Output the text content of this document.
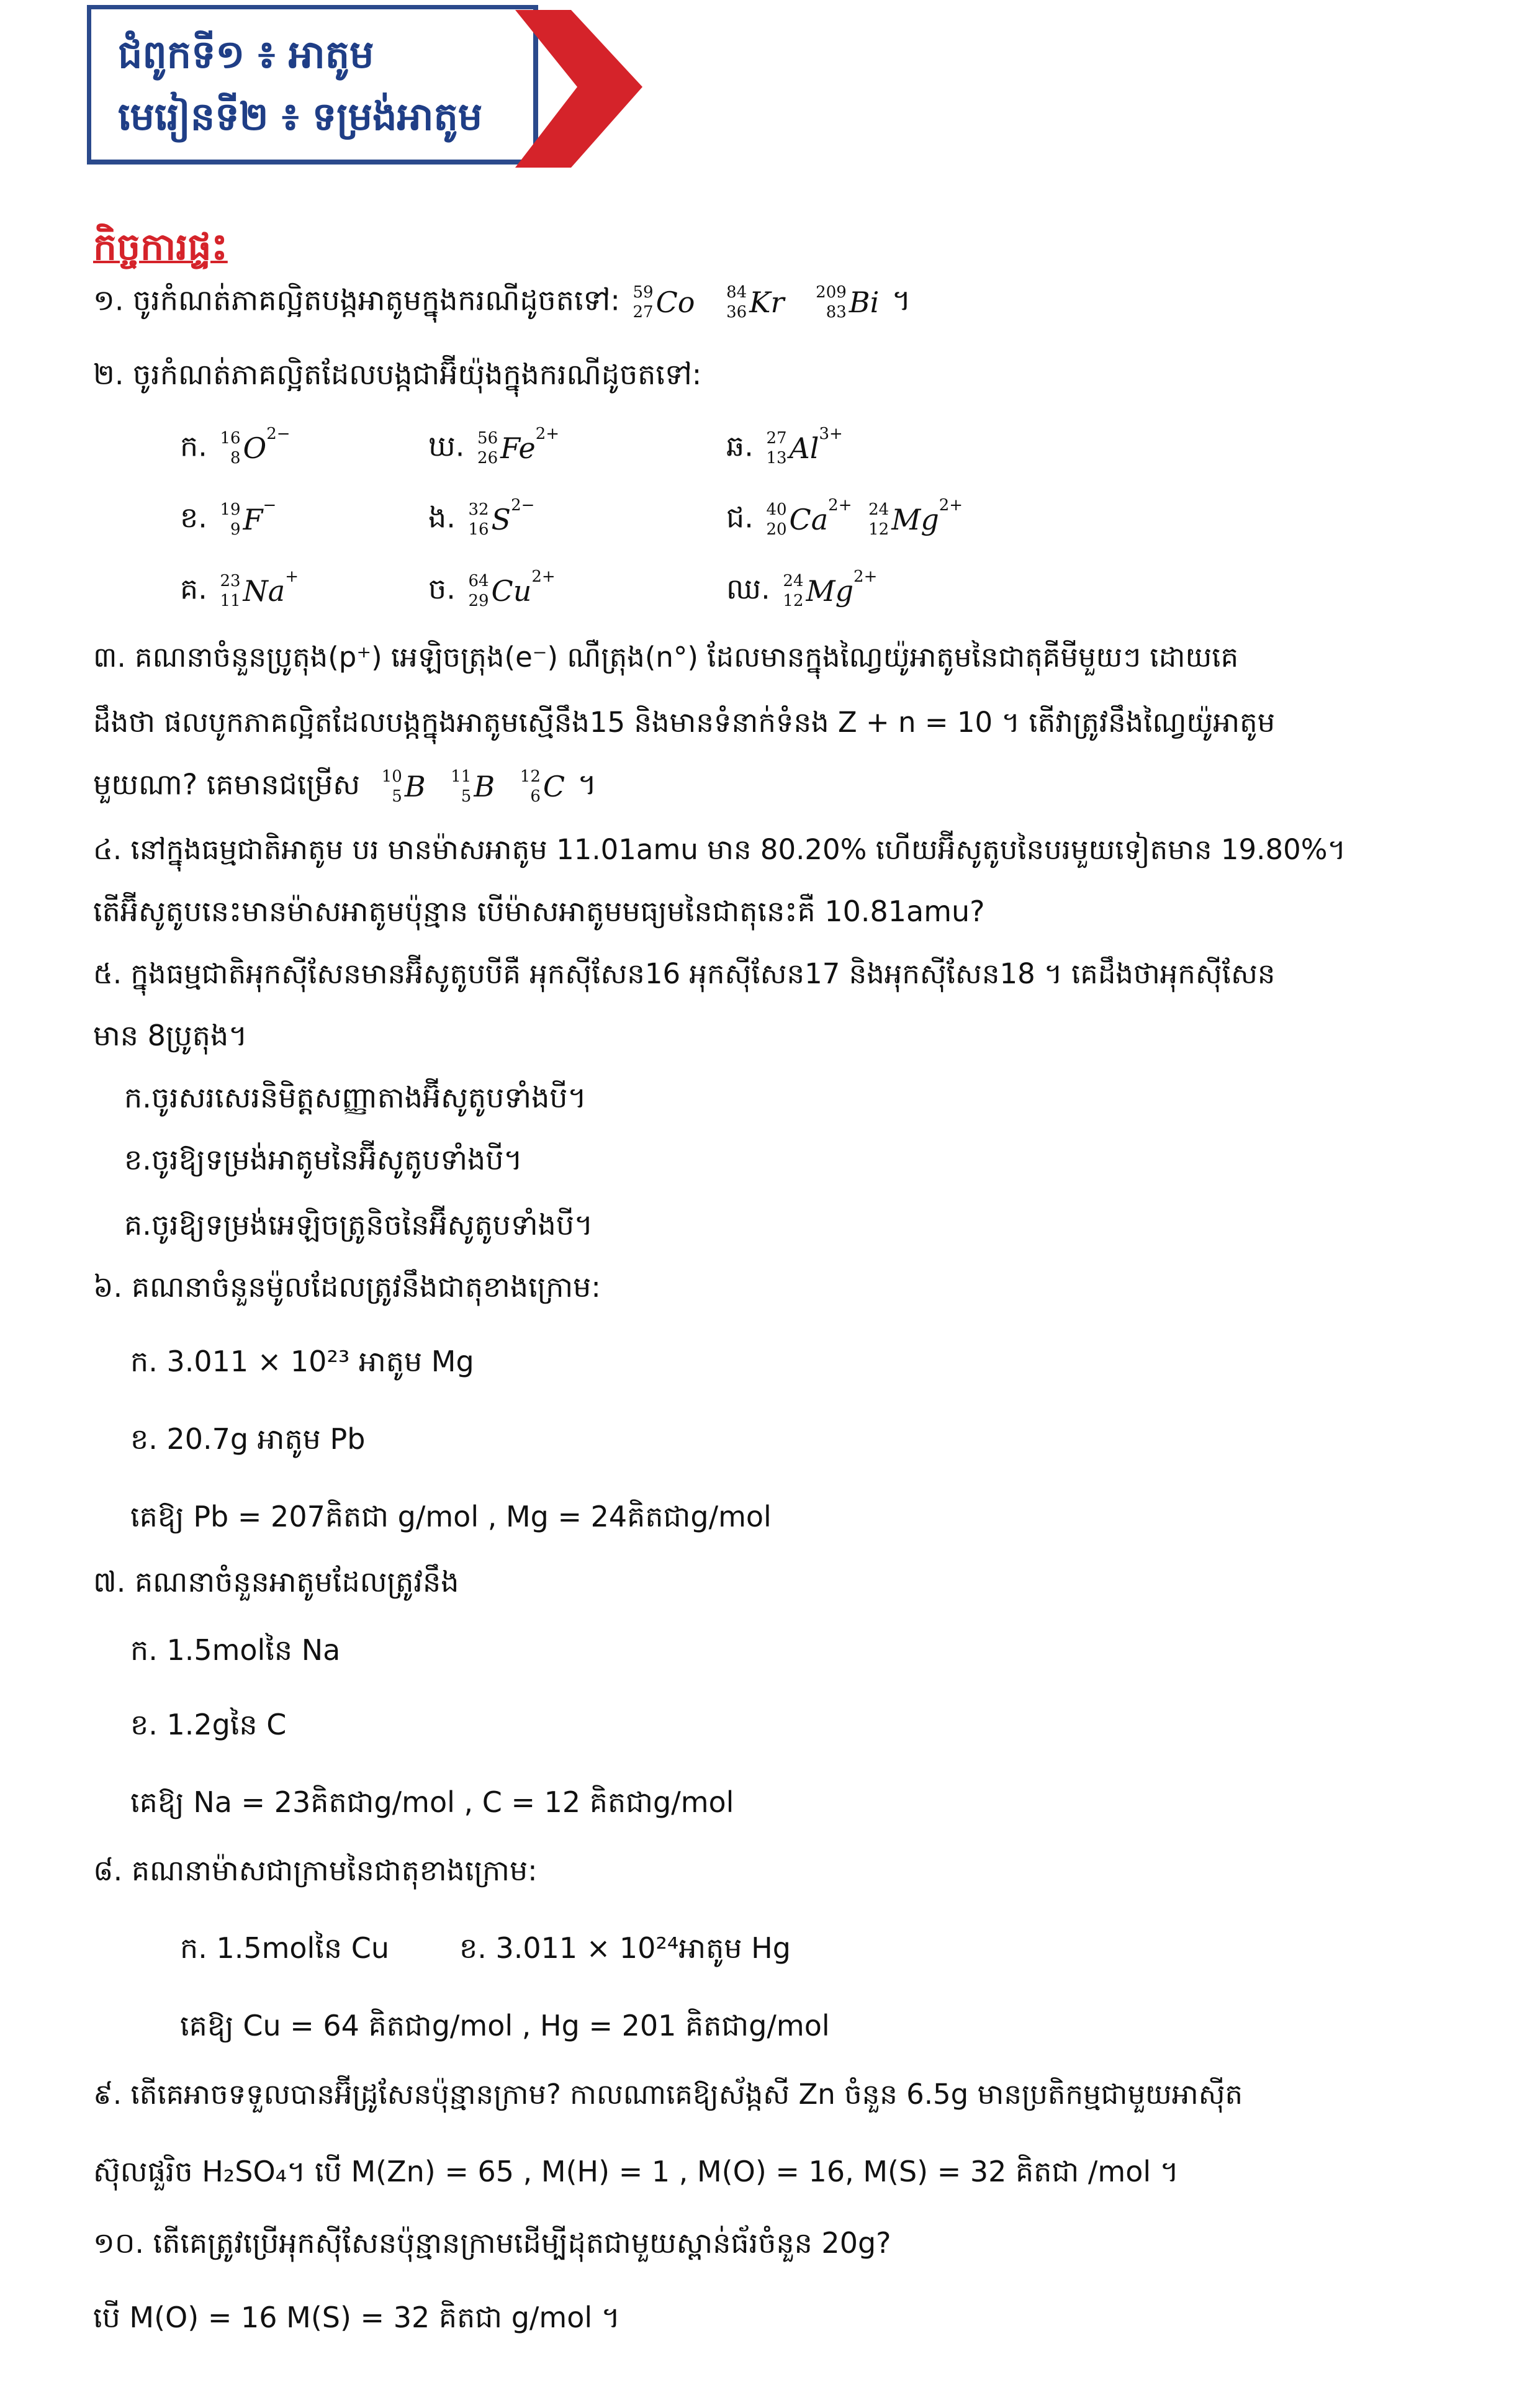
ជំពូកទី១ ៖ អាតូម
មេរៀនទី២ ៖ ទម្រង់អាតូម
កិច្ចការផ្ទះ
១. ចូរកំណត់ភាគល្អិតបង្កអាតូមក្នុងករណីដូចតទៅ: 59
27 Co
84
36 Kr
209
83 Bi ។
២. ចូរកំណត់ភាគល្អិតដែលបង្កជាអ៊ីយ៉ុងក្នុងករណីដូចតទៅ:
ក. 16
8 O 2−
ខ. 19
9 F −
គ. 23
11 Na +
ឃ. 56
26 Fe 2+
ង. 32
16 S 2−
ច. 64
29 Cu 2+
ឆ. 27
13 Al 3+
ជ. 40
20 Ca 2+
24
12 Mg 2+
ឈ. 24
12 Mg 2+
៣. គណនាចំនួនប្រូតុង(p⁺) អេឡិចត្រុង(e⁻) ណឺត្រុង(n°) ដែលមានក្នុងណ្វៃយ៉ូអាតូមនៃជាតុគីមីមួយៗ ដោយគេ
ដឹងថា ផលបូកភាគល្អិតដែលបង្កក្នុងអាតូមស្មើនឹង15 និងមានទំនាក់ទំនង Z + n = 10 ។ តើវាត្រូវនឹងណ្វៃយ៉ូអាតូម
មួយណា? គេមានជម្រើស 10
5 B
11
5 B
12
6 C ។
៤. នៅក្នុងធម្មជាតិអាតូម បរ មានម៉ាសអាតូម 11.01amu មាន 80.20% ហើយអ៊ីសូតូបនៃបរមួយទៀតមាន 19.80%។
តើអ៊ីសូតូបនេះមានម៉ាសអាតូមប៉ុន្មាន បើម៉ាសអាតូមមធ្យមនៃជាតុនេះគឺ 10.81amu?
៥. ក្នុងធម្មជាតិអុកស៊ីសែនមានអ៊ីសូតូបបីគឺ អុកស៊ីសែន16 អុកស៊ីសែន17 និងអុកស៊ីសែន18 ។ គេដឹងថាអុកស៊ីសែន
មាន 8ប្រូតុង។
ក.ចូរសរសេរនិមិត្តសញ្ញាតាងអ៊ីសូតូបទាំងបី។
ខ.ចូរឱ្យទម្រង់អាតូមនៃអ៊ីសូតូបទាំងបី។
គ.ចូរឱ្យទម្រង់អេឡិចត្រូនិចនៃអ៊ីសូតូបទាំងបី។
៦. គណនាចំនួនម៉ូលដែលត្រូវនឹងជាតុខាងក្រោម:
ក. 3.011 × 10²³ អាតូម Mg
ខ. 20.7g អាតូម Pb
គេឱ្យ Pb = 207គិតជា g/mol , Mg = 24គិតជាg/mol
៧. គណនាចំនួនអាតូមដែលត្រូវនឹង
ក. 1.5molនៃ Na
ខ. 1.2gនៃ C
គេឱ្យ Na = 23គិតជាg/mol , C = 12 គិតជាg/mol
៨. គណនាម៉ាសជាក្រាមនៃជាតុខាងក្រោម:
ក. 1.5molនៃ Cu ខ. 3.011 × 10²⁴អាតូម Hg
គេឱ្យ Cu = 64 គិតជាg/mol , Hg = 201 គិតជាg/mol
៩. តើគេអាចទទួលបានអ៊ីដ្រូសែនប៉ុន្មានក្រាម? កាលណាគេឱ្យស័ង្កសី Zn ចំនួន 6.5g មានប្រតិកម្មជាមួយអាស៊ីត
ស៊ុលផួរិច H₂SO₄។ បើ M(Zn) = 65 , M(H) = 1 , M(O) = 16, M(S) = 32 គិតជា /mol ។
១០. តើគេត្រូវប្រើអុកស៊ីសែនប៉ុន្មានក្រាមដើម្បីដុតជាមួយស្ពាន់ធ័រចំនួន 20g?
បើ M(O) = 16 M(S) = 32 គិតជា g/mol ។
